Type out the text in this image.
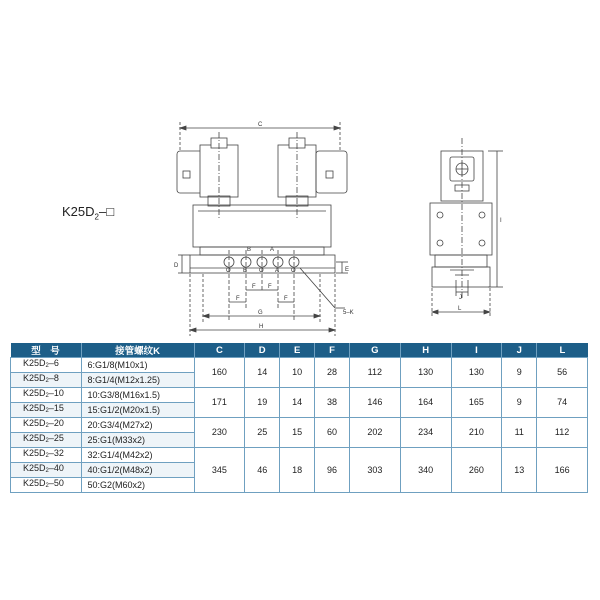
C
B	A
O B O A O
D
E
F F
F	F
G
H
5–K
I
J
L
$K25D_2-□$
型　号	接管螺纹K	C	D	E	F	G	H	I	J	L
K25D2–6	6:G1/8(M10x1)	160	14	10	28	112	130	130	9	56
K25D2–8	8:G1/4(M12x1.25)									
K25D2–10	10:G3/8(M16x1.5)	171	19	14	38	146	164	165	9	74
K25D2–15	15:G1/2(M20x1.5)									
K25D2–20	20:G3/4(M27x2)	230	25	15	60	202	234	210	11	112
K25D2–25	25:G1(M33x2)									
K25D2–32	32:G1/4(M42x2)	345	46	18	96	303	340	260	13	166
K25D2–40	40:G1/2(M48x2)									
K25D2–50	50:G2(M60x2)									
